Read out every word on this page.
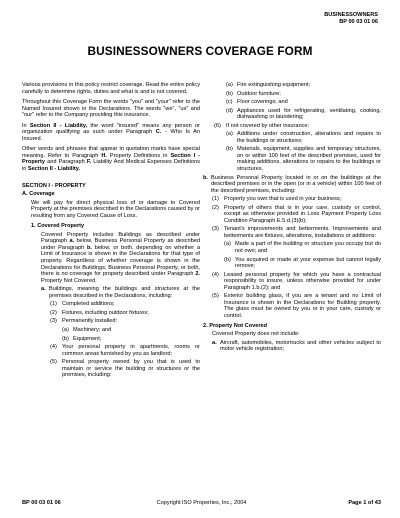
BUSINESSOWNERS
BP 00 03 01 06
BUSINESSOWNERS COVERAGE FORM

Various provisions in this policy restrict coverage. Read the entire policy carefully to determine rights, duties and what is and is not covered.

Throughout this Coverage Form the words "you" and "your" refer to the Named Insured shown in the Declarations. The words "we", "us" and "our" refer to the Company providing this insurance.

In Section II - Liability, the word "insured" means any person or organization qualifying as such under Paragraph C. - Who Is An Insured.

Other words and phrases that appear in quotation marks have special meaning. Refer to Paragraph H. Property Definitions in Section I - Property and Paragraph F. Liability And Medical Expenses Definitions in Section II - Liability.

SECTION I - PROPERTY
A. Coverage

We will pay for direct physical loss of or damage to Covered Property at the premises described in the Declarations caused by or resulting from any Covered Cause of Loss.

1. Covered Property

Covered Property includes Buildings as described under Paragraph a. below, Business Personal Property as described under Paragraph b. below, or both, depending on whether a Limit of Insurance is shown in the Declarations for that type of property. Regardless of whether coverage is shown in the Declarations for Buildings, Business Personal Property, or both, there is no coverage for property described under Paragraph 2. Property Not Covered.

a. Buildings, meaning the buildings and structures at the premises described in the Declarations, including:
(1) Completed additions;
(2) Fixtures, including outdoor fixtures;
(3) Permanently installed:
(a) Machinery; and
(b) Equipment;
(4) Your personal property in apartments, rooms or common areas furnished by you as landlord;
(5) Personal property owned by you that is used to maintain or service the building or structures or the premises, including:
(a) Fire extinguishing equipment;
(b) Outdoor furniture;
(c) Floor coverings; and
(d) Appliances used for refrigerating, ventilating, cooking, dishwashing or laundering;
(6) If not covered by other insurance:
(a) Additions under construction, alterations and repairs to the buildings or structures;
(b) Materials, equipment, supplies and temporary structures, on or within 100 feet of the described premises, used for making additions, alterations or repairs to the buildings or structures.
b. Business Personal Property located in or on the buildings at the described premises or in the open (or in a vehicle) within 100 feet of the described premises, including:
(1) Property you own that is used in your business;
(2) Property of others that is in your care, custody or control, except as otherwise provided in Loss Payment Property Loss Condition Paragraph E.5.d.(3)(b);
(3) Tenant's improvements and betterments. Improvements and betterments are fixtures, alterations, installations or additions:
(a) Made a part of the building or structure you occupy but do not own; and
(b) You acquired or made at your expense but cannot legally remove;
(4) Leased personal property for which you have a contractual responsibility to insure, unless otherwise provided for under Paragraph 1.b.(2); and
(5) Exterior building glass, if you are a tenant and no Limit of Insurance is shown in the Declarations for Building property. The glass must be owned by you or in your care, custody or control.
2. Property Not Covered

Covered Property does not include:

a. Aircraft, automobiles, motortrucks and other vehicles subject to motor vehicle registration;
BP 00 03 01 06	Copyright ISO Properties, Inc., 2004	Page 1 of 43
